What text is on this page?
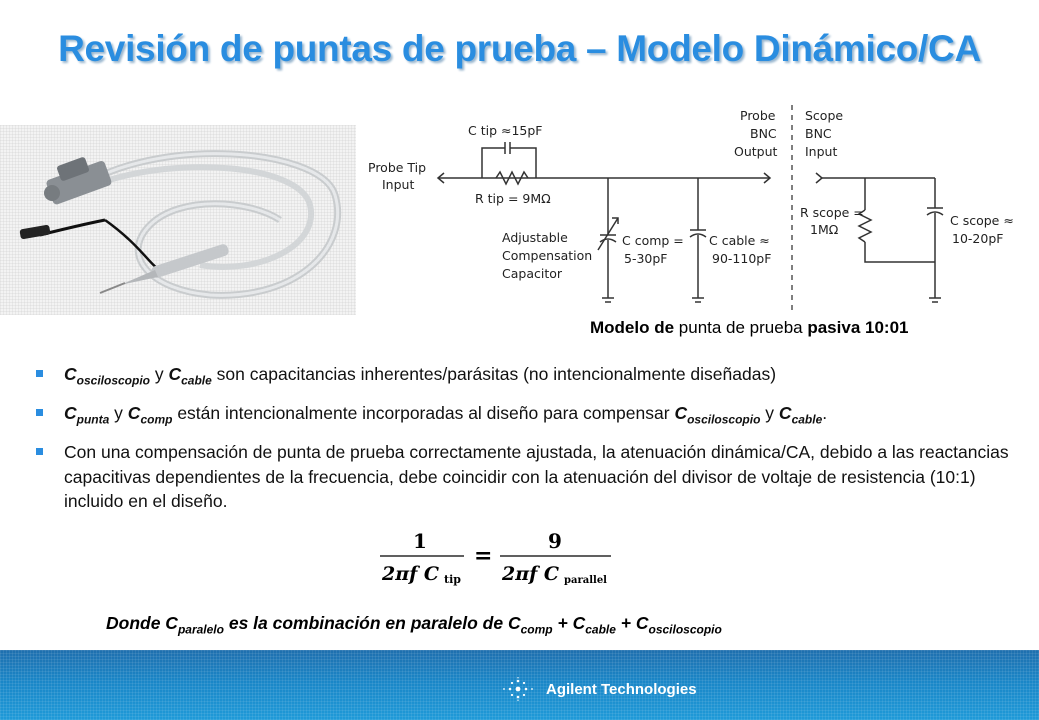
Revisión de puntas de prueba – Modelo Dinámico/CA
Probe Tip
Input
C tip ≈15pF
R tip = 9MΩ
Adjustable
Compensation
Capacitor
C comp =
5-30pF
C cable ≈
90-110pF
Probe
BNC
Output
Scope
BNC
Input
R scope =
1MΩ
C scope ≈
10-20pF
Modelo de punta de prueba pasiva 10:01
$C_{osciloscopio}$ y $C_{cable}$ son capacitancias inherentes/parásitas (no intencionalmente diseñadas)
$C_{punta}$ y $C_{comp}$ están intencionalmente incorporadas al diseño para compensar $C_{osciloscopio}$ y $C_{cable}$.
Con una compensación de punta de prueba correctamente ajustada, la atenuación dinámica/CA, debido a las reactancias capacitivas dependientes de la frecuencia, debe coincidir con la atenuación del divisor de voltaje de resistencia (10:1) incluido en el diseño.
1
2πf C tip
=
9
2πf C parallel
Donde $C_{paralelo}$ es la combinación en paralelo de $C_{comp} + C_{cable} + C_{osciloscopio}$
Agilent Technologies
